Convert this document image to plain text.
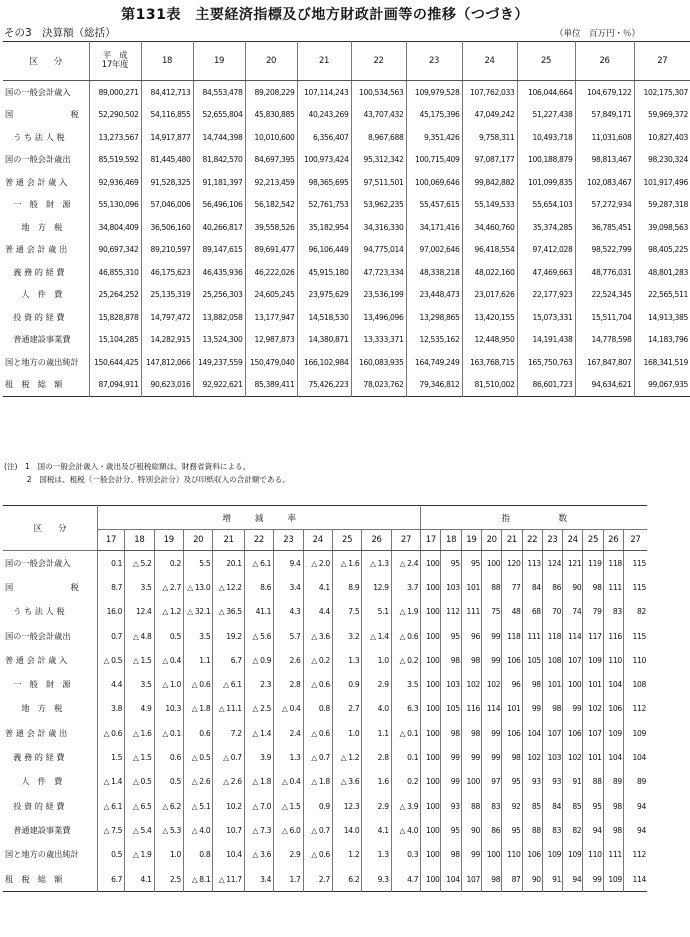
第131表　主要経済指標及び地方財政計画等の推移（つづき）
その3　決算額（総括）	（単位　百万円・％）
区　　分	平　成
17年度	18	19	20	21	22	23	24	25	26	27
国の一般会計歳入	89,000,271	84,412,713	84,553,478	89,208,229	107,114,243	100,534,563	109,979,528	107,762,033	106,044,664	104,679,122	102,175,307
国　　　　　　　税	52,290,502	54,116,855	52,655,804	45,830,885	40,243,269	43,707,432	45,175,396	47,049,242	51,227,438	57,849,171	59,969,372
　う ち 法 人 税	13,273,567	14,917,877	14,744,398	10,010,600	6,356,407	8,967,688	9,351,426	9,758,311	10,493,718	11,031,608	10,827,403
国の一般会計歳出	85,519,592	81,445,480	81,842,570	84,697,395	100,973,424	95,312,342	100,715,409	97,087,177	100,188,879	98,813,467	98,230,324
普 通 会 計 歳 入	92,936,469	91,528,325	91,181,397	92,213,459	98,365,695	97,511,501	100,069,646	99,842,882	101,099,835	102,083,467	101,917,496
　一　般　財　源	55,130,096	57,046,006	56,496,106	56,182,542	52,761,753	53,962,235	55,457,615	55,149,533	55,654,103	57,272,934	59,287,318
　　地　方　税	34,804,409	36,506,160	40,266,817	39,558,526	35,182,954	34,316,330	34,171,416	34,460,760	35,374,285	36,785,451	39,098,563
普 通 会 計 歳 出	90,697,342	89,210,597	89,147,615	89,691,477	96,106,449	94,775,014	97,002,646	96,418,554	97,412,028	98,522,799	98,405,225
　義 務 的 経 費	46,855,310	46,175,623	46,435,936	46,222,026	45,915,180	47,723,334	48,338,218	48,022,160	47,469,663	48,776,031	48,801,283
　　人　件　費	25,264,252	25,135,319	25,256,303	24,605,245	23,975,629	23,536,199	23,448,473	23,017,626	22,177,923	22,524,345	22,565,511
　投 資 的 経 費	15,828,878	14,797,472	13,882,058	13,177,947	14,518,530	13,496,096	13,298,865	13,420,155	15,073,331	15,511,704	14,913,385
　普通建設事業費	15,104,285	14,282,915	13,524,300	12,987,873	14,380,871	13,333,371	12,535,162	12,448,950	14,191,438	14,778,598	14,183,796
国と地方の歳出純計	150,644,425	147,812,066	149,237,559	150,479,040	166,102,984	160,083,935	164,749,249	163,768,715	165,750,763	167,847,807	168,341,519
租　税　総　額	87,094,911	90,623,016	92,922,621	85,389,411	75,426,223	78,023,762	79,346,812	81,510,002	86,601,723	94,634,621	99,067,935
(注)　1　国の一般会計歳入・歳出及び租税総額は、財務省資料による。
　　　2　国税は、租税（一般会計分、特別会計分）及び印紙収入の合計額である。
区　　分	増　　　減　　　率											指　　　　　　数										
	17	18	19	20	21	22	23	24	25	26	27	17	18	19	20	21	22	23	24	25	26	27
国の一般会計歳入	0.1	△ 5.2	0.2	5.5	20.1	△ 6.1	9.4	△ 2.0	△ 1.6	△ 1.3	△ 2.4	100	95	95	100	120	113	124	121	119	118	115
国　　　　　　　税	8.7	3.5	△ 2.7	△ 13.0	△ 12.2	8.6	3.4	4.1	8.9	12.9	3.7	100	103	101	88	77	84	86	90	98	111	115
　う ち 法 人 税	16.0	12.4	△ 1.2	△ 32.1	△ 36.5	41.1	4.3	4.4	7.5	5.1	△ 1.9	100	112	111	75	48	68	70	74	79	83	82
国の一般会計歳出	0.7	△ 4.8	0.5	3.5	19.2	△ 5.6	5.7	△ 3.6	3.2	△ 1.4	△ 0.6	100	95	96	99	118	111	118	114	117	116	115
普 通 会 計 歳 入	△ 0.5	△ 1.5	△ 0.4	1.1	6.7	△ 0.9	2.6	△ 0.2	1.3	1.0	△ 0.2	100	98	98	99	106	105	108	107	109	110	110
　一　般　財　源	4.4	3.5	△ 1.0	△ 0.6	△ 6.1	2.3	2.8	△ 0.6	0.9	2.9	3.5	100	103	102	102	96	98	101	100	101	104	108
　　地　方　税	3.8	4.9	10.3	△ 1.8	△ 11.1	△ 2.5	△ 0.4	0.8	2.7	4.0	6.3	100	105	116	114	101	99	98	99	102	106	112
普 通 会 計 歳 出	△ 0.6	△ 1.6	△ 0.1	0.6	7.2	△ 1.4	2.4	△ 0.6	1.0	1.1	△ 0.1	100	98	98	99	106	104	107	106	107	109	109
　義 務 的 経 費	1.5	△ 1.5	0.6	△ 0.5	△ 0.7	3.9	1.3	△ 0.7	△ 1.2	2.8	0.1	100	99	99	99	98	102	103	102	101	104	104
　　人　件　費	△ 1.4	△ 0.5	0.5	△ 2.6	△ 2.6	△ 1.8	△ 0.4	△ 1.8	△ 3.6	1.6	0.2	100	99	100	97	95	93	93	91	88	89	89
　投 資 的 経 費	△ 6.1	△ 6.5	△ 6.2	△ 5.1	10.2	△ 7.0	△ 1.5	0.9	12.3	2.9	△ 3.9	100	93	88	83	92	85	84	85	95	98	94
　普通建設事業費	△ 7.5	△ 5.4	△ 5.3	△ 4.0	10.7	△ 7.3	△ 6.0	△ 0.7	14.0	4.1	△ 4.0	100	95	90	86	95	88	83	82	94	98	94
国と地方の歳出純計	0.5	△ 1.9	1.0	0.8	10.4	△ 3.6	2.9	△ 0.6	1.2	1.3	0.3	100	98	99	100	110	106	109	109	110	111	112
租　税　総　額	6.7	4.1	2.5	△ 8.1	△ 11.7	3.4	1.7	2.7	6.2	9.3	4.7	100	104	107	98	87	90	91	94	99	109	114
